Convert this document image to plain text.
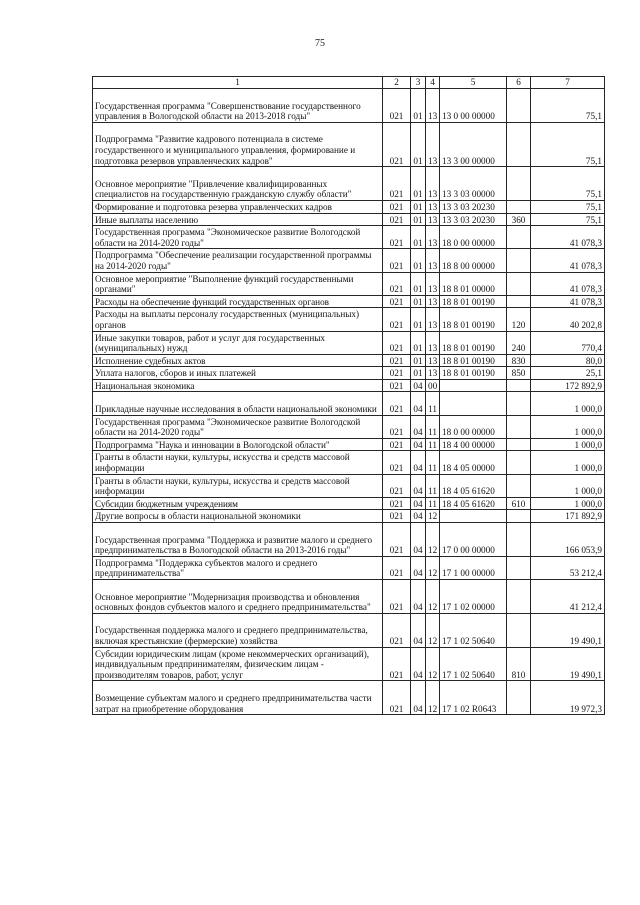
75
1	2	3	4	5	6	7
Государственная программа "Совершенствование государственного управления в Вологодской области на 2013-2018 годы"	021	01	13	13 0 00 00000		75,1
Подпрограмма "Развитие кадрового потенциала в системе государственного и муниципального управления, формирование и подготовка резервов управленческих кадров"	021	01	13	13 3 00 00000		75,1
Основное мероприятие "Привлечение квалифицированных специалистов на государственную гражданскую службу области"	021	01	13	13 3 03 00000		75,1
Формирование и подготовка резерва управленческих кадров	021	01	13	13 3 03 20230		75,1
Иные выплаты населению	021	01	13	13 3 03 20230	360	75,1
Государственная программа "Экономическое развитие Вологодской области на 2014-2020 годы"	021	01	13	18 0 00 00000		41 078,3
Подпрограмма "Обеспечение реализации государственной программы на 2014-2020 годы"	021	01	13	18 8 00 00000		41 078,3
Основное мероприятие "Выполнение функций государственными органами"	021	01	13	18 8 01 00000		41 078,3
Расходы на обеспечение функций государственных органов	021	01	13	18 8 01 00190		41 078,3
Расходы на выплаты персоналу государственных (муниципальных) органов	021	01	13	18 8 01 00190	120	40 202,8
Иные закупки товаров, работ и услуг для государственных (муниципальных) нужд	021	01	13	18 8 01 00190	240	770,4
Исполнение судебных актов	021	01	13	18 8 01 00190	830	80,0
Уплата налогов, сборов и иных платежей	021	01	13	18 8 01 00190	850	25,1
Национальная экономика	021	04	00			172 892,9
Прикладные научные исследования в области национальной экономики	021	04	11			1 000,0
Государственная программа "Экономическое развитие Вологодской области на 2014-2020 годы"	021	04	11	18 0 00 00000		1 000,0
Подпрограмма "Наука и инновации в Вологодской области"	021	04	11	18 4 00 00000		1 000,0
Гранты в области науки, культуры, искусства и средств массовой информации	021	04	11	18 4 05 00000		1 000,0
Гранты в области науки, культуры, искусства и средств массовой информации	021	04	11	18 4 05 61620		1 000,0
Субсидии бюджетным учреждениям	021	04	11	18 4 05 61620	610	1 000,0
Другие вопросы в области национальной экономики	021	04	12			171 892,9
Государственная программа "Поддержка и развитие малого и среднего предпринимательства в Вологодской области на 2013-2016 годы"	021	04	12	17 0 00 00000		166 053,9
Подпрограмма "Поддержка субъектов малого и среднего предпринимательства"	021	04	12	17 1 00 00000		53 212,4
Основное мероприятие "Модернизация производства и обновления основных фондов субъектов малого и среднего предпринимательства"	021	04	12	17 1 02 00000		41 212,4
Государственная поддержка малого и среднего предпринимательства, включая крестьянские (фермерские) хозяйства	021	04	12	17 1 02 50640		19 490,1
Субсидии юридическим лицам (кроме некоммерческих организаций), индивидуальным предпринимателям, физическим лицам - производителям товаров, работ, услуг	021	04	12	17 1 02 50640	810	19 490,1
Возмещение субъектам малого и среднего предпринимательства части затрат на приобретение оборудования	021	04	12	17 1 02 R0643		19 972,3
